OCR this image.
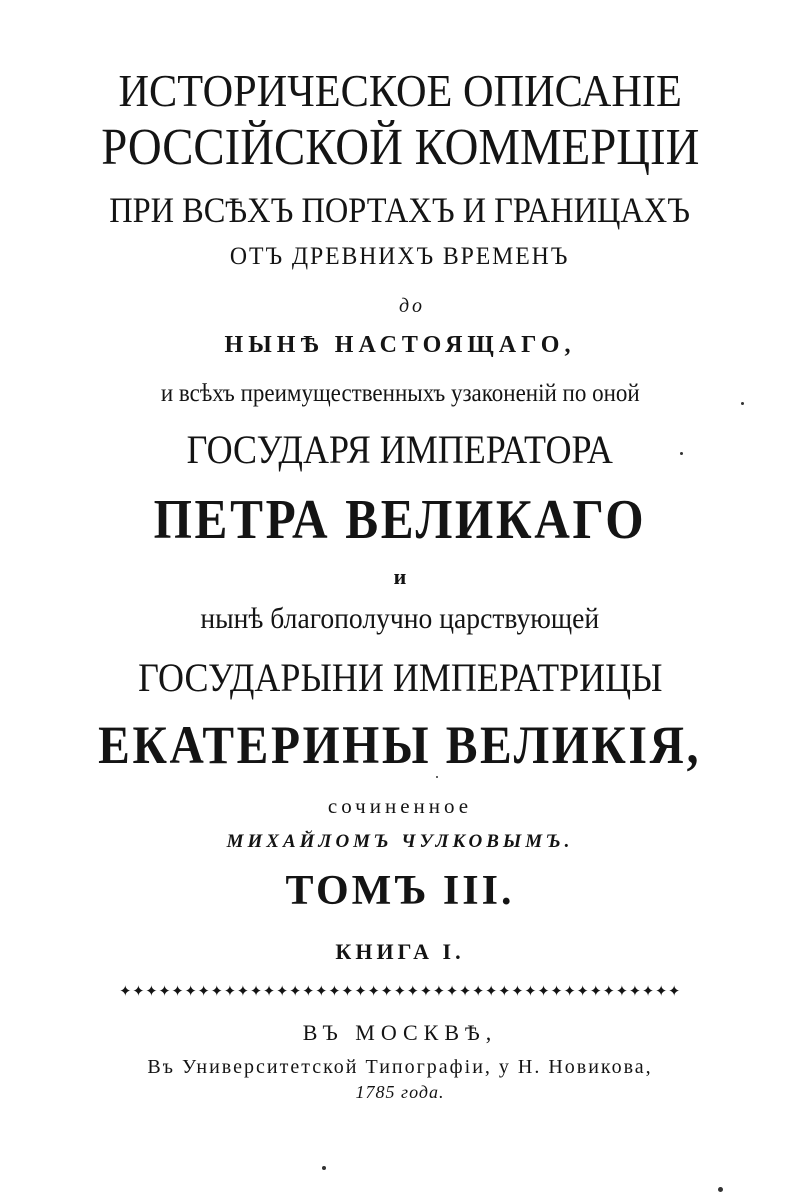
ИСТОРИЧЕСКОЕ ОПИСАНІЕ
РОССІЙСКОЙ КОММЕРЦІИ
ПРИ ВСѢХЪ ПОРТАХЪ И ГРАНИЦАХЪ
ОТЪ ДРЕВНИХЪ ВРЕМЕНЪ
до
НЫНѢ НАСТОЯЩАГО,
и всѣхъ преимущественныхъ узаконеній по оной
ГОСУДАРЯ ИМПЕРАТОРА
ПЕТРА ВЕЛИКАГО
и
нынѣ благополучно царствующей
ГОСУДАРЫНИ ИМПЕРАТРИЦЫ
ЕКАТЕРИНЫ ВЕЛИКІЯ,
сочиненное
МИХАЙЛОМЪ ЧУЛКОВЫМЪ.
ТОМЪ III.
КНИГА I.
✦✦✦✦✦✦✦✦✦✦✦✦✦✦✦✦✦✦✦✦✦✦✦✦✦✦✦✦✦✦✦✦✦✦✦✦✦✦✦✦✦✦✦
ВЪ МОСКВѢ,
Въ Университетской Типографіи, у Н. Новикова,
1785 года.
